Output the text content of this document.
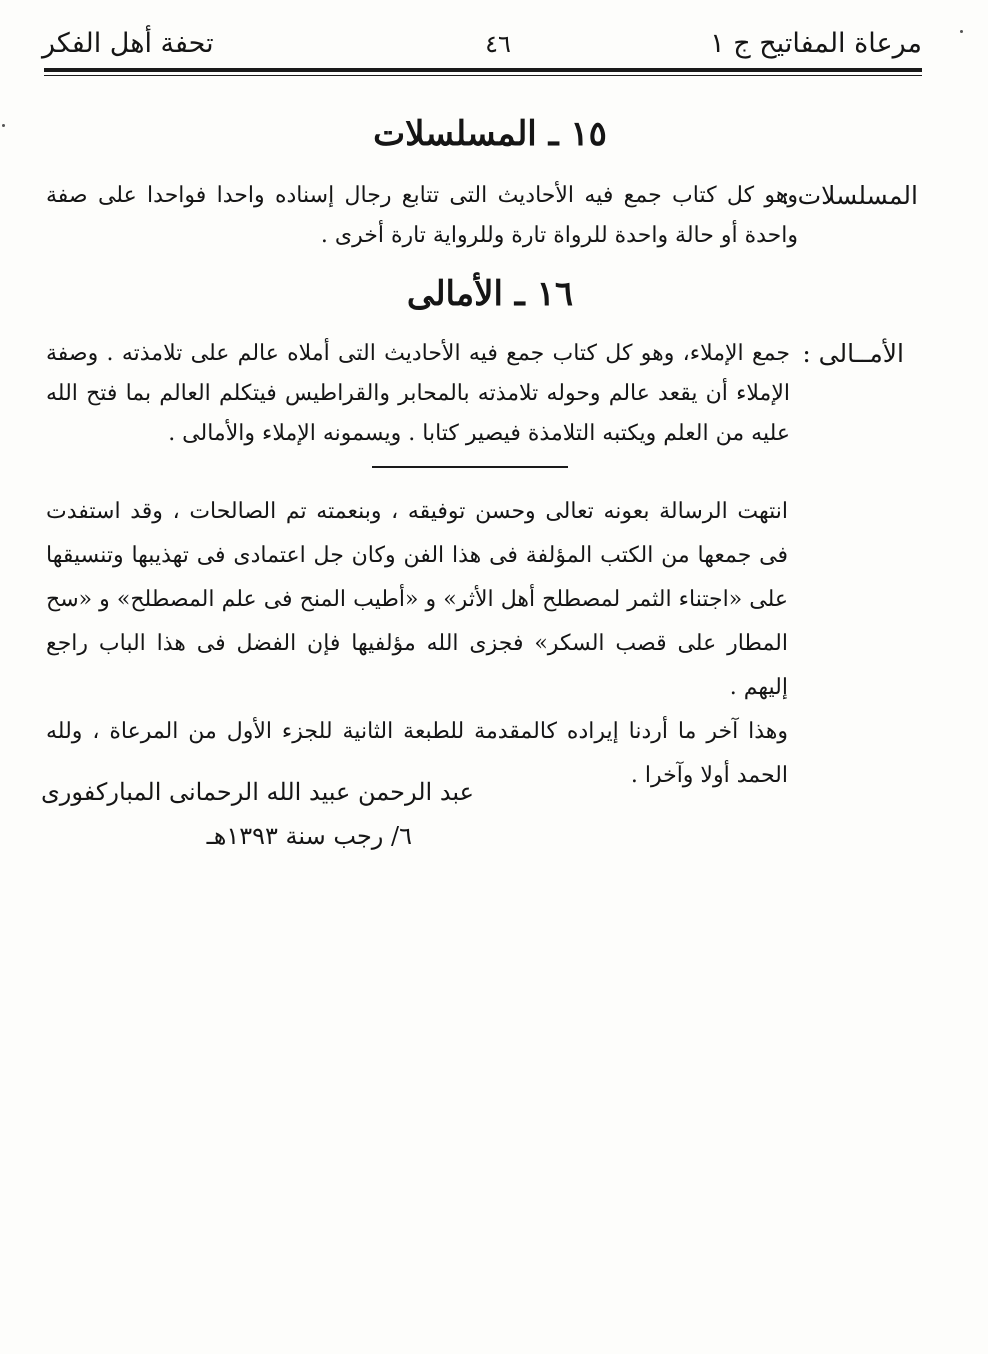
مرعاة المفاتيح ج ١
٤٦
تحفة أهل الفكر
١٥ ـ المسلسلات
المسلسلات :
وهو كل كتاب جمع فيه الأحاديث التى تتابع رجال إسناده واحدا فواحدا على صفة واحدة أو حالة واحدة للرواة تارة وللرواية تارة أخرى .
١٦ ـ الأمالى
الأمــالى :
جمع الإملاء، وهو كل كتاب جمع فيه الأحاديث التى أملاه عالم على تلامذته . وصفة الإملاء أن يقعد عالم وحوله تلامذته بالمحابر والقراطيس فيتكلم العالم بما فتح الله عليه من العلم ويكتبه التلامذة فيصير كتابا . ويسمونه الإملاء والأمالى .

انتهت الرسالة بعونه تعالى وحسن توفيقه ، وبنعمته تم الصالحات ، وقد استفدت فى جمعها من الكتب المؤلفة فى هذا الفن وكان جل اعتمادى فى تهذيبها وتنسيقها على «اجتناء الثمر لمصطلح أهل الأثر» و «أطيب المنح فى علم المصطلح» و «سح المطار على قصب السكر» فجزى الله مؤلفيها فإن الفضل فى هذا الباب راجع إليهم .

وهذا آخر ما أردنا إيراده كالمقدمة للطبعة الثانية للجزء الأول من المرعاة ، ولله الحمد أولا وآخرا .

عبد الرحمن عبيد الله الرحمانى المباركفورى
٦/ رجب سنة ١٣٩٣هـ
